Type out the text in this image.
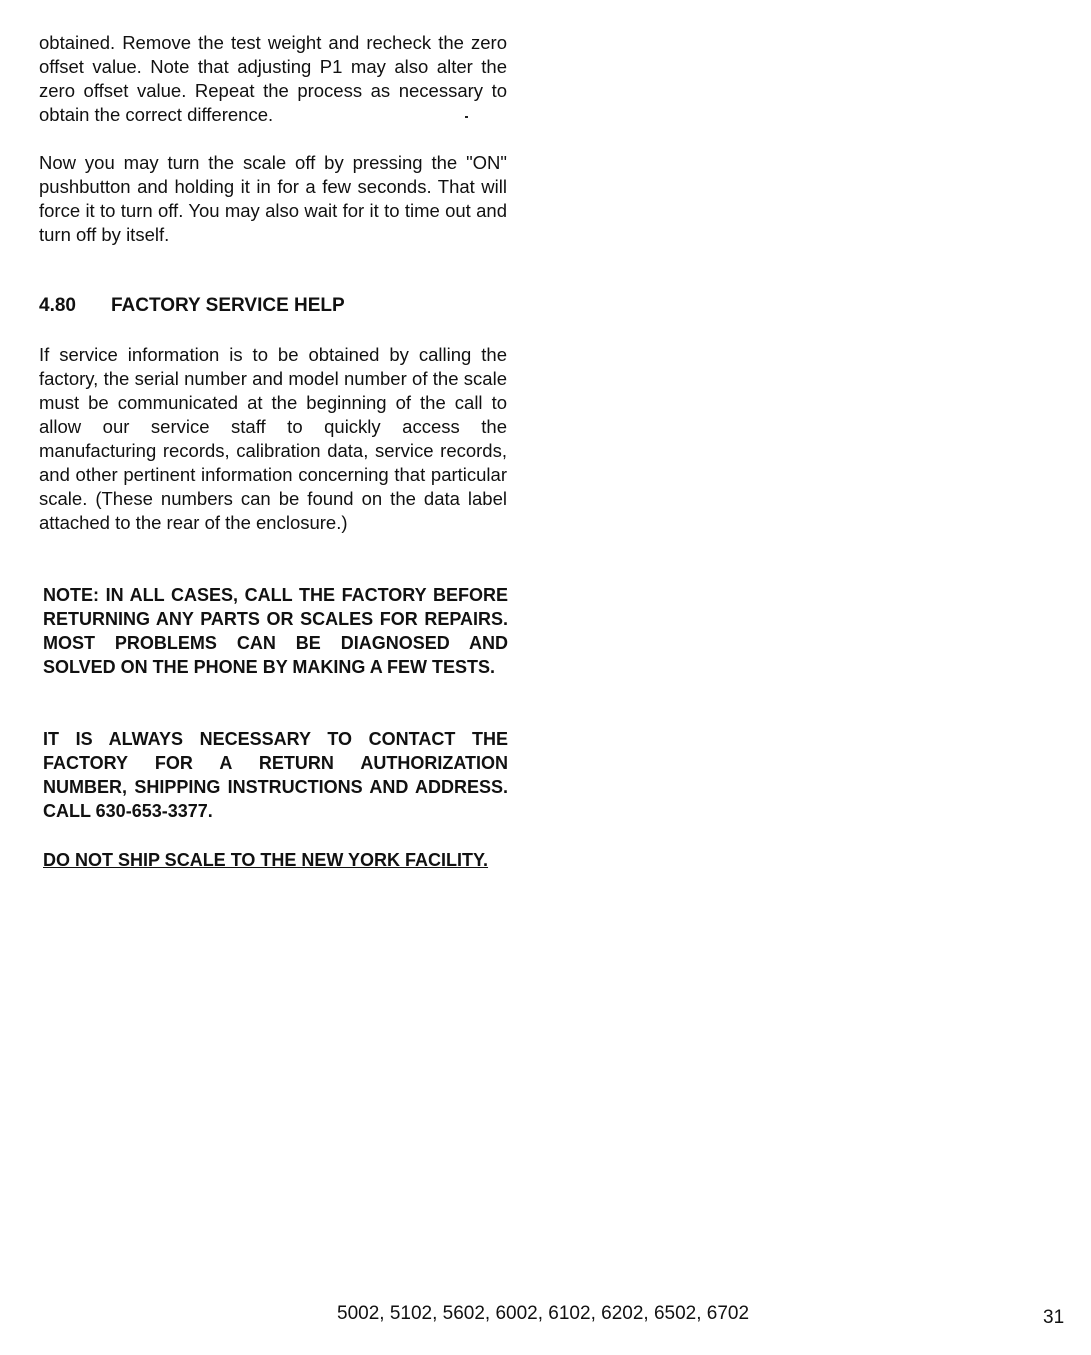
obtained. Remove the test weight and recheck the zero offset value. Note that adjusting P1 may also alter the zero offset value. Repeat the process as necessary to obtain the correct difference.

Now you may turn the scale off by pressing the "ON" pushbutton and holding it in for a few seconds. That will force it to turn off. You may also wait for it to time out and turn off by itself.

4.80 FACTORY SERVICE HELP

If service information is to be obtained by calling the factory, the serial number and model number of the scale must be communicated at the beginning of the call to allow our service staff to quickly access the manufacturing records, calibration data, service records, and other pertinent information concerning that particular scale. (These numbers can be found on the data label attached to the rear of the enclosure.)

NOTE: IN ALL CASES, CALL THE FACTORY BEFORE RETURNING ANY PARTS OR SCALES FOR REPAIRS. MOST PROBLEMS CAN BE DIAGNOSED AND SOLVED ON THE PHONE BY MAKING A FEW TESTS.

IT IS ALWAYS NECESSARY TO CONTACT THE FACTORY FOR A RETURN AUTHORIZATION NUMBER, SHIPPING INSTRUCTIONS AND ADDRESS. CALL 630-653-3377.

DO NOT SHIP SCALE TO THE NEW YORK FACILITY.

5002, 5102, 5602, 6002, 6102, 6202, 6502, 6702	31
